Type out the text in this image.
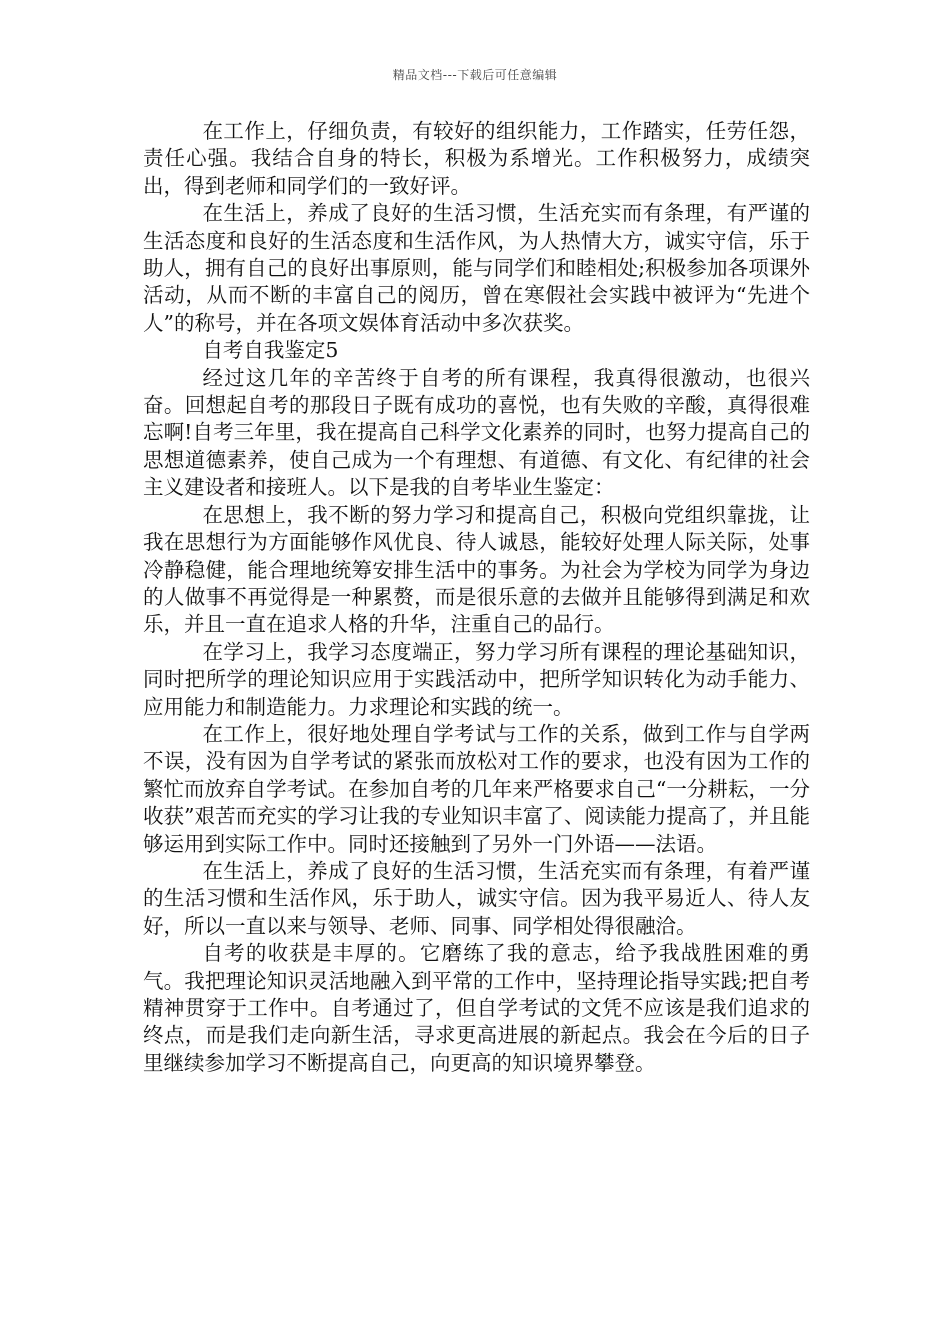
精品文档---下载后可任意编辑

在工作上，仔细负责，有较好的组织能力，工作踏实，任劳任怨，责任心强。我结合自身的特长，积极为系增光。工作积极努力，成绩突出，得到老师和同学们的一致好评。

在生活上，养成了良好的生活习惯，生活充实而有条理，有严谨的生活态度和良好的生活态度和生活作风，为人热情大方，诚实守信，乐于助人，拥有自己的良好出事原则，能与同学们和睦相处;积极参加各项课外活动，从而不断的丰富自己的阅历，曾在寒假社会实践中被评为“先进个人”的称号，并在各项文娱体育活动中多次获奖。

自考自我鉴定5

经过这几年的辛苦终于自考的所有课程，我真得很激动，也很兴奋。回想起自考的那段日子既有成功的喜悦，也有失败的辛酸，真得很难忘啊!自考三年里，我在提高自己科学文化素养的同时，也努力提高自己的思想道德素养，使自己成为一个有理想、有道德、有文化、有纪律的社会主义建设者和接班人。以下是我的自考毕业生鉴定：

在思想上，我不断的努力学习和提高自己，积极向党组织靠拢，让我在思想行为方面能够作风优良、待人诚恳，能较好处理人际关际，处事冷静稳健，能合理地统筹安排生活中的事务。为社会为学校为同学为身边的人做事不再觉得是一种累赘，而是很乐意的去做并且能够得到满足和欢乐，并且一直在追求人格的升华，注重自己的品行。

在学习上，我学习态度端正，努力学习所有课程的理论基础知识，同时把所学的理论知识应用于实践活动中，把所学知识转化为动手能力、应用能力和制造能力。力求理论和实践的统一。

在工作上，很好地处理自学考试与工作的关系，做到工作与自学两不误，没有因为自学考试的紧张而放松对工作的要求，也没有因为工作的繁忙而放弃自学考试。在参加自考的几年来严格要求自己“一分耕耘，一分收获”艰苦而充实的学习让我的专业知识丰富了、阅读能力提高了，并且能够运用到实际工作中。同时还接触到了另外一门外语——法语。

在生活上，养成了良好的生活习惯，生活充实而有条理，有着严谨的生活习惯和生活作风，乐于助人，诚实守信。因为我平易近人、待人友好，所以一直以来与领导、老师、同事、同学相处得很融洽。

自考的收获是丰厚的。它磨练了我的意志，给予我战胜困难的勇气。我把理论知识灵活地融入到平常的工作中，坚持理论指导实践;把自考精神贯穿于工作中。自考通过了，但自学考试的文凭不应该是我们追求的终点，而是我们走向新生活，寻求更高进展的新起点。我会在今后的日子里继续参加学习不断提高自己，向更高的知识境界攀登。
